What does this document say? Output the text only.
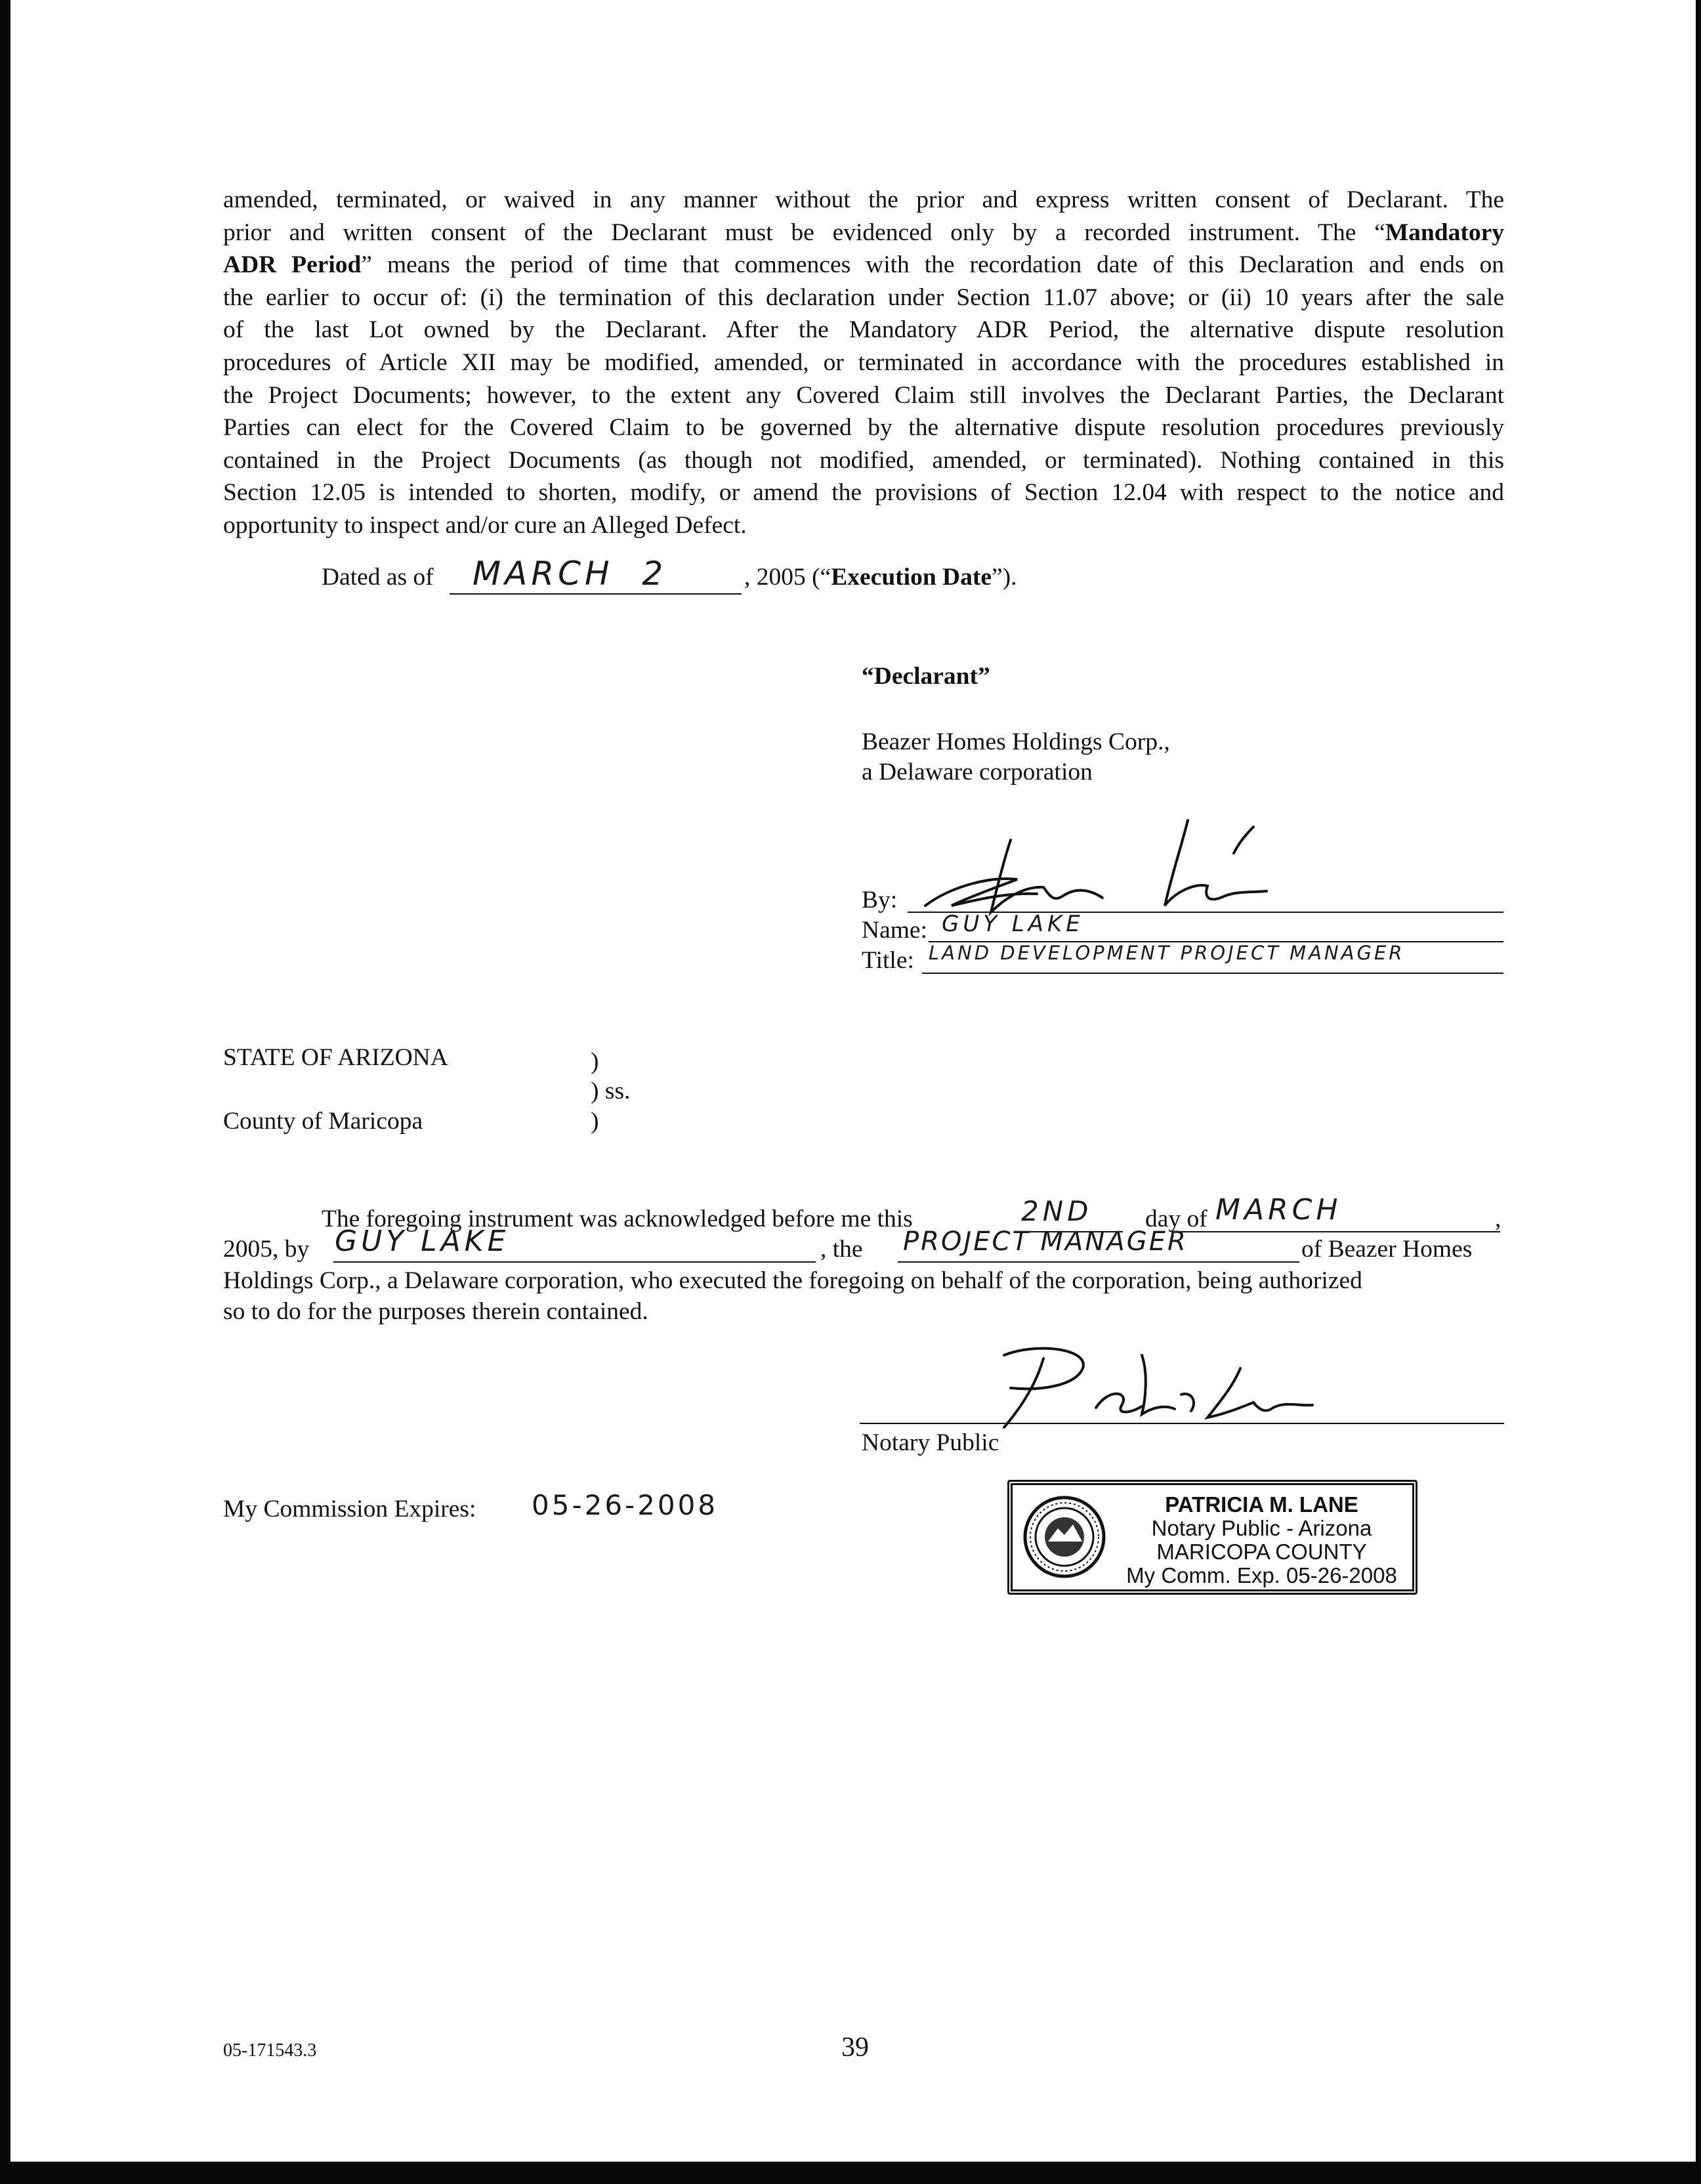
amended, terminated, or waived in any manner without the prior and express written consent of Declarant. The
prior and written consent of the Declarant must be evidenced only by a recorded instrument. The “Mandatory
ADR Period” means the period of time that commences with the recordation date of this Declaration and ends on
the earlier to occur of: (i) the termination of this declaration under Section 11.07 above; or (ii) 10 years after the sale
of the last Lot owned by the Declarant. After the Mandatory ADR Period, the alternative dispute resolution
procedures of Article XII may be modified, amended, or terminated in accordance with the procedures established in
the Project Documents; however, to the extent any Covered Claim still involves the Declarant Parties, the Declarant
Parties can elect for the Covered Claim to be governed by the alternative dispute resolution procedures previously
contained in the Project Documents (as though not modified, amended, or terminated). Nothing contained in this
Section 12.05 is intended to shorten, modify, or amend the provisions of Section 12.04 with respect to the notice and
opportunity to inspect and/or cure an Alleged Defect.
Dated as of MARCH  2	, 2005 (“Execution Date”).
“Declarant”
Beazer Homes Holdings Corp.,
a Delaware corporation
By:
Name: GUY LAKE
Title: LAND DEVELOPMENT PROJECT MANAGER
STATE OF ARIZONA	)
) ss.
County of Maricopa	)
The foregoing instrument was acknowledged before me this	2ND day of MARCH	,
2005, by GUY LAKE	, the PROJECT MANAGER	of Beazer Homes
Holdings Corp., a Delaware corporation, who executed the foregoing on behalf of the corporation, being authorized
so to do for the purposes therein contained.
Notary Public
My Commission Expires: 05-26-2008	PATRICIA M. LANE
Notary Public - Arizona
MARICOPA COUNTY
My Comm. Exp. 05-26-2008
05-171543.3	39
